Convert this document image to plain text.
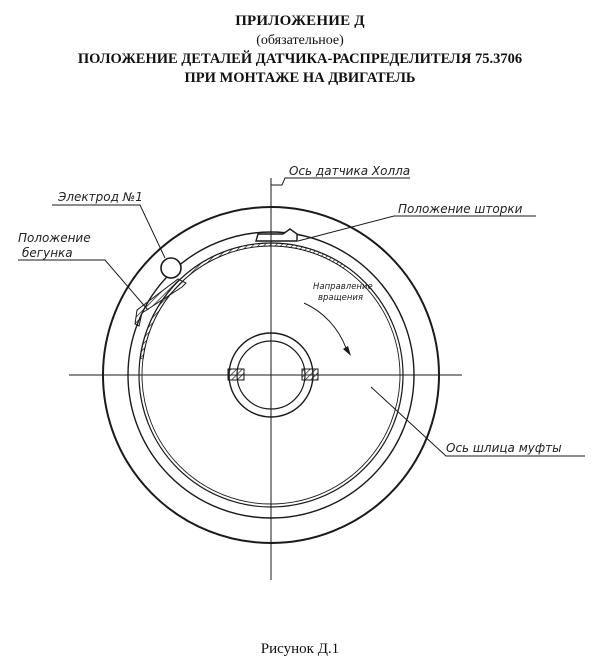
ПРИЛОЖЕНИЕ Д
(обязательное)
ПОЛОЖЕНИЕ ДЕТАЛЕЙ ДАТЧИКА-РАСПРЕДЕЛИТЕЛЯ 75.3706
ПРИ МОНТАЖЕ НА ДВИГАТЕЛЬ
Ось датчика Холла
Электрод №1
Положение шторки
Положение
бегунка
Направление
вращения
Ось шлица муфты
Рисунок Д.1
